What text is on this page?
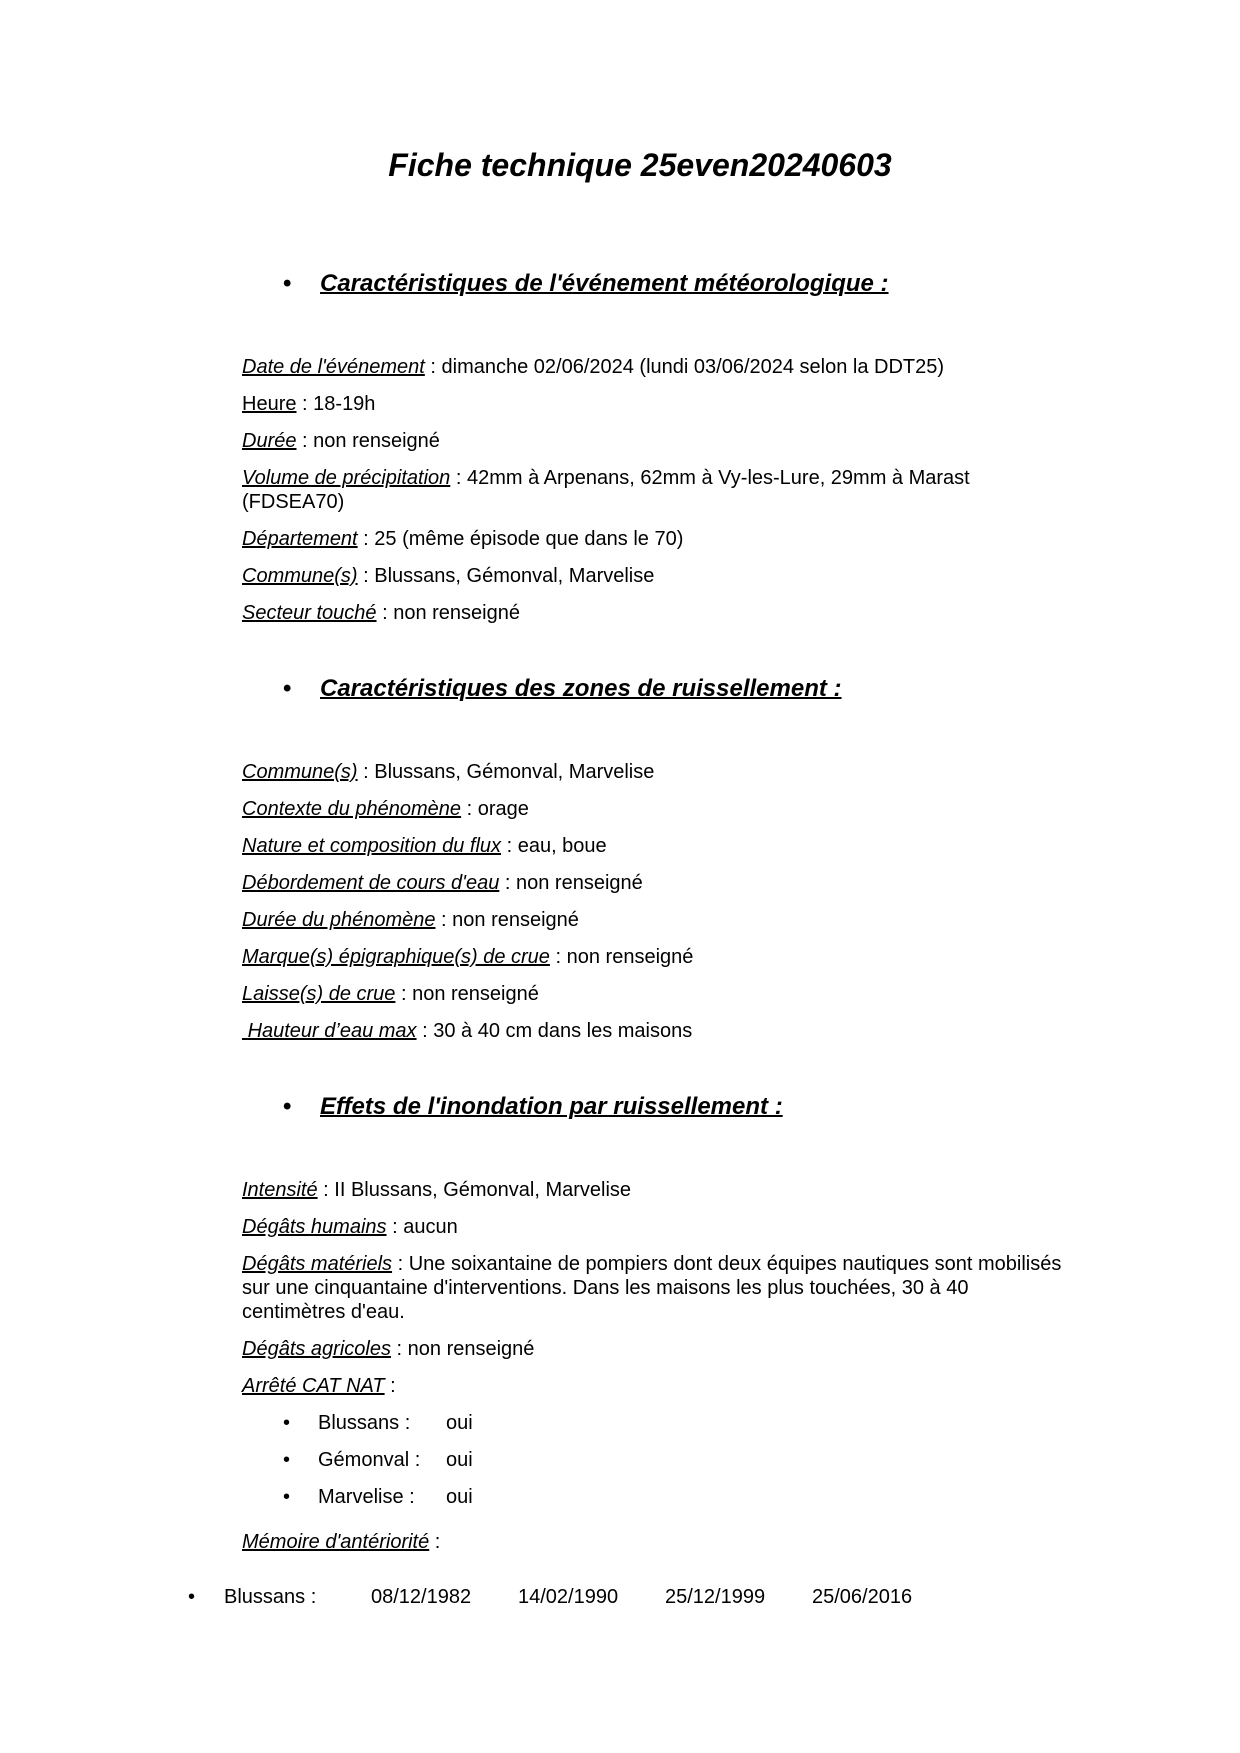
Fiche technique 25even20240603
•Caractéristiques de l'événement météorologique :

Date de l'événement : dimanche 02/06/2024 (lundi 03/06/2024 selon la DDT25)

Heure : 18-19h

Durée : non renseigné

Volume de précipitation : 42mm à Arpenans, 62mm à Vy-les-Lure, 29mm à Marast (FDSEA70)

Département : 25 (même épisode que dans le 70)

Commune(s) : Blussans, Gémonval, Marvelise

Secteur touché : non renseigné

•Caractéristiques des zones de ruissellement :

Commune(s) : Blussans, Gémonval, Marvelise

Contexte du phénomène : orage

Nature et composition du flux : eau, boue

Débordement de cours d'eau : non renseigné

Durée du phénomène : non renseigné

Marque(s) épigraphique(s) de crue : non renseigné

Laisse(s) de crue : non renseigné

Hauteur d’eau max : 30 à 40 cm dans les maisons

•Effets de l'inondation par ruissellement :

Intensité : II Blussans, Gémonval, Marvelise

Dégâts humains : aucun

Dégâts matériels : Une soixantaine de pompiers dont deux équipes nautiques sont mobilisés sur une cinquantaine d'interventions. Dans les maisons les plus touchées, 30 à 40 centimètres d'eau.

Dégâts agricoles : non renseigné

Arrêté CAT NAT :

•Blussans : oui
•Gémonval : oui
•Marvelise : oui

Mémoire d'antériorité :

•Blussans :	08/12/1982 14/02/1990 25/12/1999 25/06/2016
